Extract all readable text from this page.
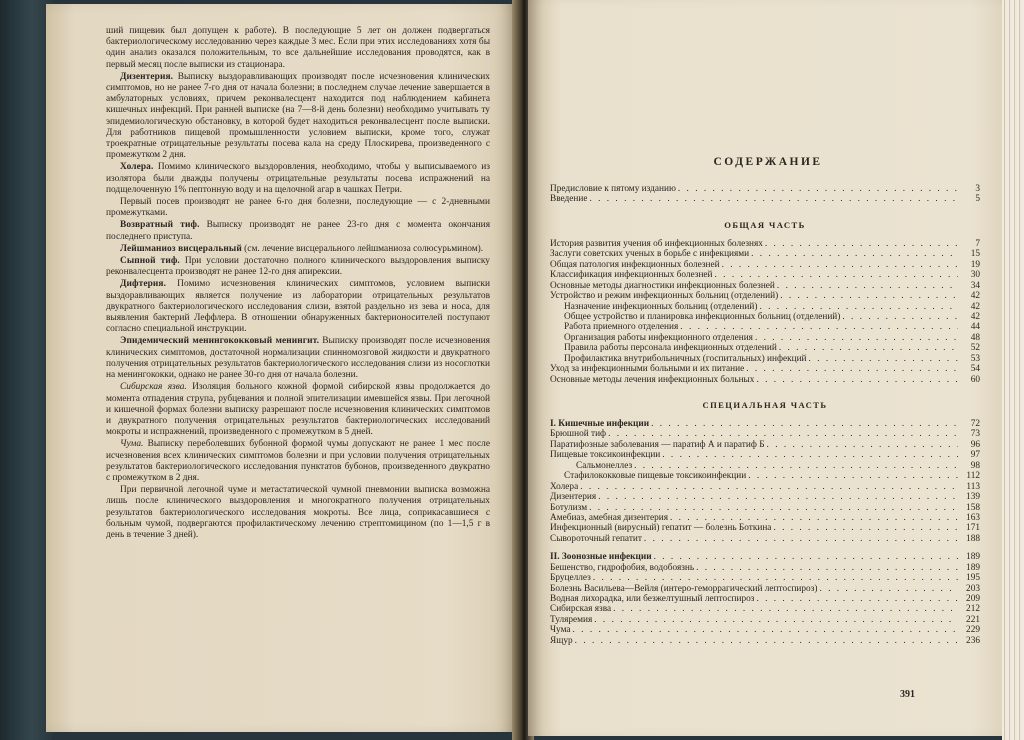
ший пищевик был допущен к работе). В последующие 5 лет он должен подвергаться бактериологическому исследованию через каждые 3 мес. Если при этих исследованиях хотя бы один анализ оказался положительным, то все дальнейшие исследования проводятся, как в первый месяц после выписки из стационара.

Дизентерия. Выписку выздоравливающих производят после исчезновения клинических симптомов, но не ранее 7-го дня от начала болезни; в последнем случае лечение завершается в амбулаторных условиях, причем реконвалесцент находится под наблюдением кабинета кишечных инфекций. При ранней выписке (на 7—8-й день болезни) необходимо учитывать ту эпидемиологическую обстановку, в которой будет находиться реконвалесцент после выписки. Для работников пищевой промышленности условием выписки, кроме того, служат троекратные отрицательные результаты посева кала на среду Плоскирева, произведенного с промежутком 2 дня.

Холера. Помимо клинического выздоровления, необходимо, чтобы у выписываемого из изолятора были дважды получены отрицательные результаты посева испражнений на подщелоченную 1% пептонную воду и на щелочной агар в чашках Петри.

Первый посев производят не ранее 6-го дня болезни, последующие — с 2-дневными промежутками.

Возвратный тиф. Выписку производят не ранее 23-го дня с момента окончания последнего приступа.

Лейшманиоз висцеральный (см. лечение висцерального лейшманиоза солюсурьмином).

Сыпной тиф. При условии достаточно полного клинического выздоровления выписку реконвалесцента производят не ранее 12-го дня апирексии.

Дифтерия. Помимо исчезновения клинических симптомов, условием выписки выздоравливающих является получение из лаборатории отрицательных результатов двукратного бактериологического исследования слизи, взятой раздельно из зева и носа, для выявления бактерий Леффлера. В отношении обнаруженных бактерионосителей поступают согласно специальной инструкции.

Эпидемический менингококковый менингит. Выписку производят после исчезновения клинических симптомов, достаточной нормализации спинномозговой жидкости и двукратного получения отрицательных результатов бактериологического исследования слизи из носоглотки на менингококки, однако не ранее 30-го дня от начала болезни.

Сибирская язва. Изоляция больного кожной формой сибирской язвы продолжается до момента отпадения струпа, рубцевания и полной эпителизации имевшейся язвы. При легочной и кишечной формах болезни выписку разрешают после исчезновения клинических симптомов и двукратного получения отрицательных результатов бактериологических исследований мокроты и испражнений, произведенного с промежутком в 5 дней.

Чума. Выписку переболевших бубонной формой чумы допускают не ранее 1 мес после исчезновения всех клинических симптомов болезни и при условии получения отрицательных результатов бактериологического исследования пунктатов бубонов, произведенного двукратно с промежутком в 2 дня.

При первичной легочной чуме и метастатической чумной пневмонии выписка возможна лишь после клинического выздоровления и многократного получения отрицательных результатов бактериологического исследования мокроты. Все лица, соприкасавшиеся с больным чумой, подвергаются профилактическому лечению стрептомицином (по 1—1,5 г в день в течение 3 дней).

СОДЕРЖАНИЕ
Предисловие к пятому изданию . . .	3
Введение . . .	5
ОБЩАЯ ЧАСТЬ
История развития учения об инфекционных болезнях . . .	7
Заслуги советских ученых в борьбе с инфекциями . . .	15
Общая патология инфекционных болезней . . .	19
Классификация инфекционных болезней . . .	30
Основные методы диагностики инфекционных болезней . . .	34
Устройство и режим инфекционных больниц (отделений) . . .	42
Назначение инфекционных больниц (отделений) . . .	42
Общее устройство и планировка инфекционных больниц (отделений) . . .	42
Работа приемного отделения . . .	44
Организация работы инфекционного отделения . . .	48
Правила работы персонала инфекционных отделений . . .	52
Профилактика внутрибольничных (госпитальных) инфекций . . .	53
Уход за инфекционными больными и их питание . . .	54
Основные методы лечения инфекционных больных . . .	60
СПЕЦИАЛЬНАЯ ЧАСТЬ
I. Кишечные инфекции . . .	72
Брюшной тиф . . .	73
Паратифозные заболевания — паратиф А и паратиф Б . . .	96
Пищевые токсикоинфекции . . .	97
Сальмонеллез . . .	98
Стафилококковые пищевые токсикоинфекции . . .	112
Холера . . .	113
Дизентерия . . .	139
Ботулизм . . .	158
Амебиаз, амебная дизентерия . . .	163
Инфекционный (вирусный) гепатит — болезнь Боткина . . .	171
Сывороточный гепатит . . .	188
II. Зоонозные инфекции . . .	189
Бешенство, гидрофобия, водобоязнь . . .	189
Бруцеллез . . .	195
Болезнь Васильева—Вейля (интеро-геморрагический лептоспироз) . . .	203
Водная лихорадка, или безжелтушный лептоспироз . . .	209
Сибирская язва . . .	212
Туляремия . . .	221
Чума . . .	229
Ящур . . .	236
391
